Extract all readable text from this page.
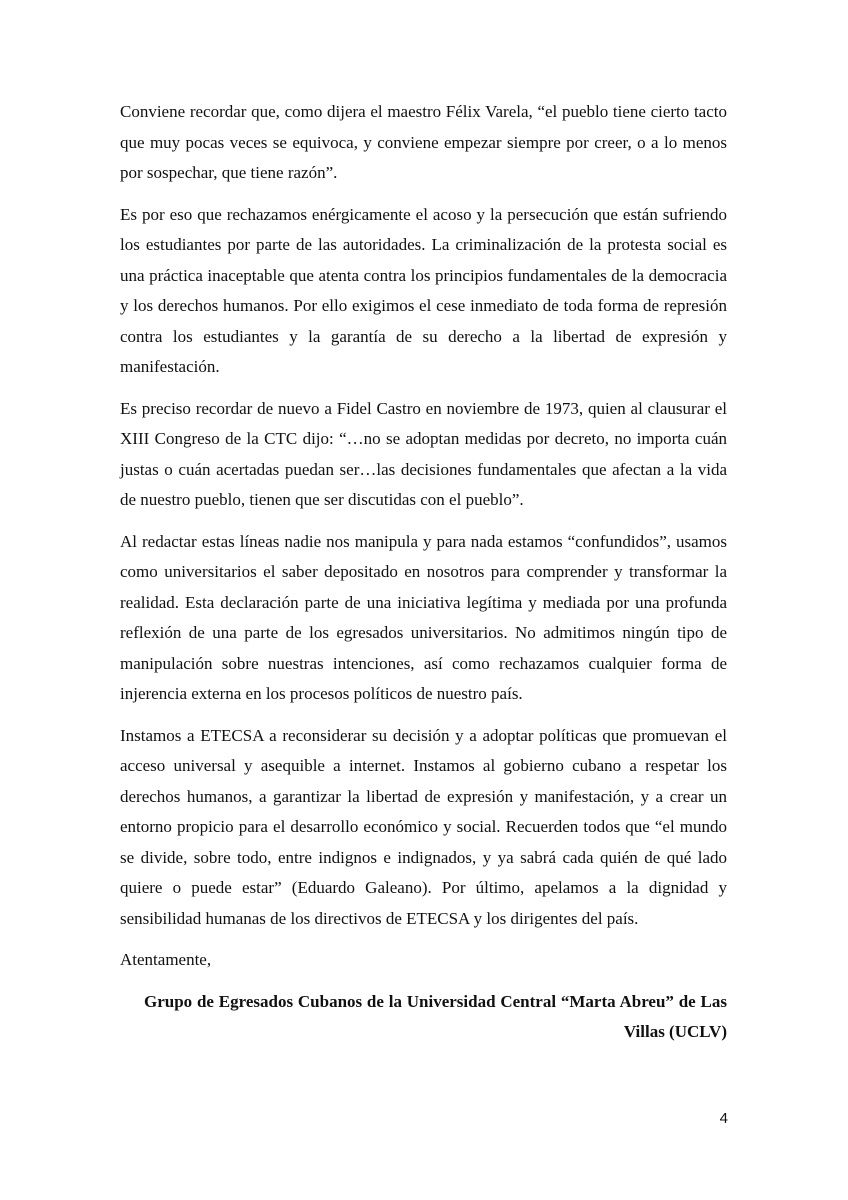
Conviene recordar que, como dijera el maestro Félix Varela, “el pueblo tiene cierto tacto que muy pocas veces se equivoca, y conviene empezar siempre por creer, o a lo menos por sospechar, que tiene razón”.

Es por eso que rechazamos enérgicamente el acoso y la persecución que están sufriendo los estudiantes por parte de las autoridades. La criminalización de la protesta social es una práctica inaceptable que atenta contra los principios fundamentales de la democracia y los derechos humanos. Por ello exigimos el cese inmediato de toda forma de represión contra los estudiantes y la garantía de su derecho a la libertad de expresión y manifestación.

Es preciso recordar de nuevo a Fidel Castro en noviembre de 1973, quien al clausurar el XIII Congreso de la CTC dijo: “…no se adoptan medidas por decreto, no importa cuán justas o cuán acertadas puedan ser…las decisiones fundamentales que afectan a la vida de nuestro pueblo, tienen que ser discutidas con el pueblo”.

Al redactar estas líneas nadie nos manipula y para nada estamos “confundidos”, usamos como universitarios el saber depositado en nosotros para comprender y transformar la realidad. Esta declaración parte de una iniciativa legítima y mediada por una profunda reflexión de una parte de los egresados universitarios. No admitimos ningún tipo de manipulación sobre nuestras intenciones, así como rechazamos cualquier forma de injerencia externa en los procesos políticos de nuestro país.

Instamos a ETECSA a reconsiderar su decisión y a adoptar políticas que promuevan el acceso universal y asequible a internet. Instamos al gobierno cubano a respetar los derechos humanos, a garantizar la libertad de expresión y manifestación, y a crear un entorno propicio para el desarrollo económico y social. Recuerden todos que “el mundo se divide, sobre todo, entre indignos e indignados, y ya sabrá cada quién de qué lado quiere o puede estar” (Eduardo Galeano). Por último, apelamos a la dignidad y sensibilidad humanas de los directivos de ETECSA y los dirigentes del país.

Atentamente,

Grupo de Egresados Cubanos de la Universidad Central “Marta Abreu” de Las Villas (UCLV)

4
